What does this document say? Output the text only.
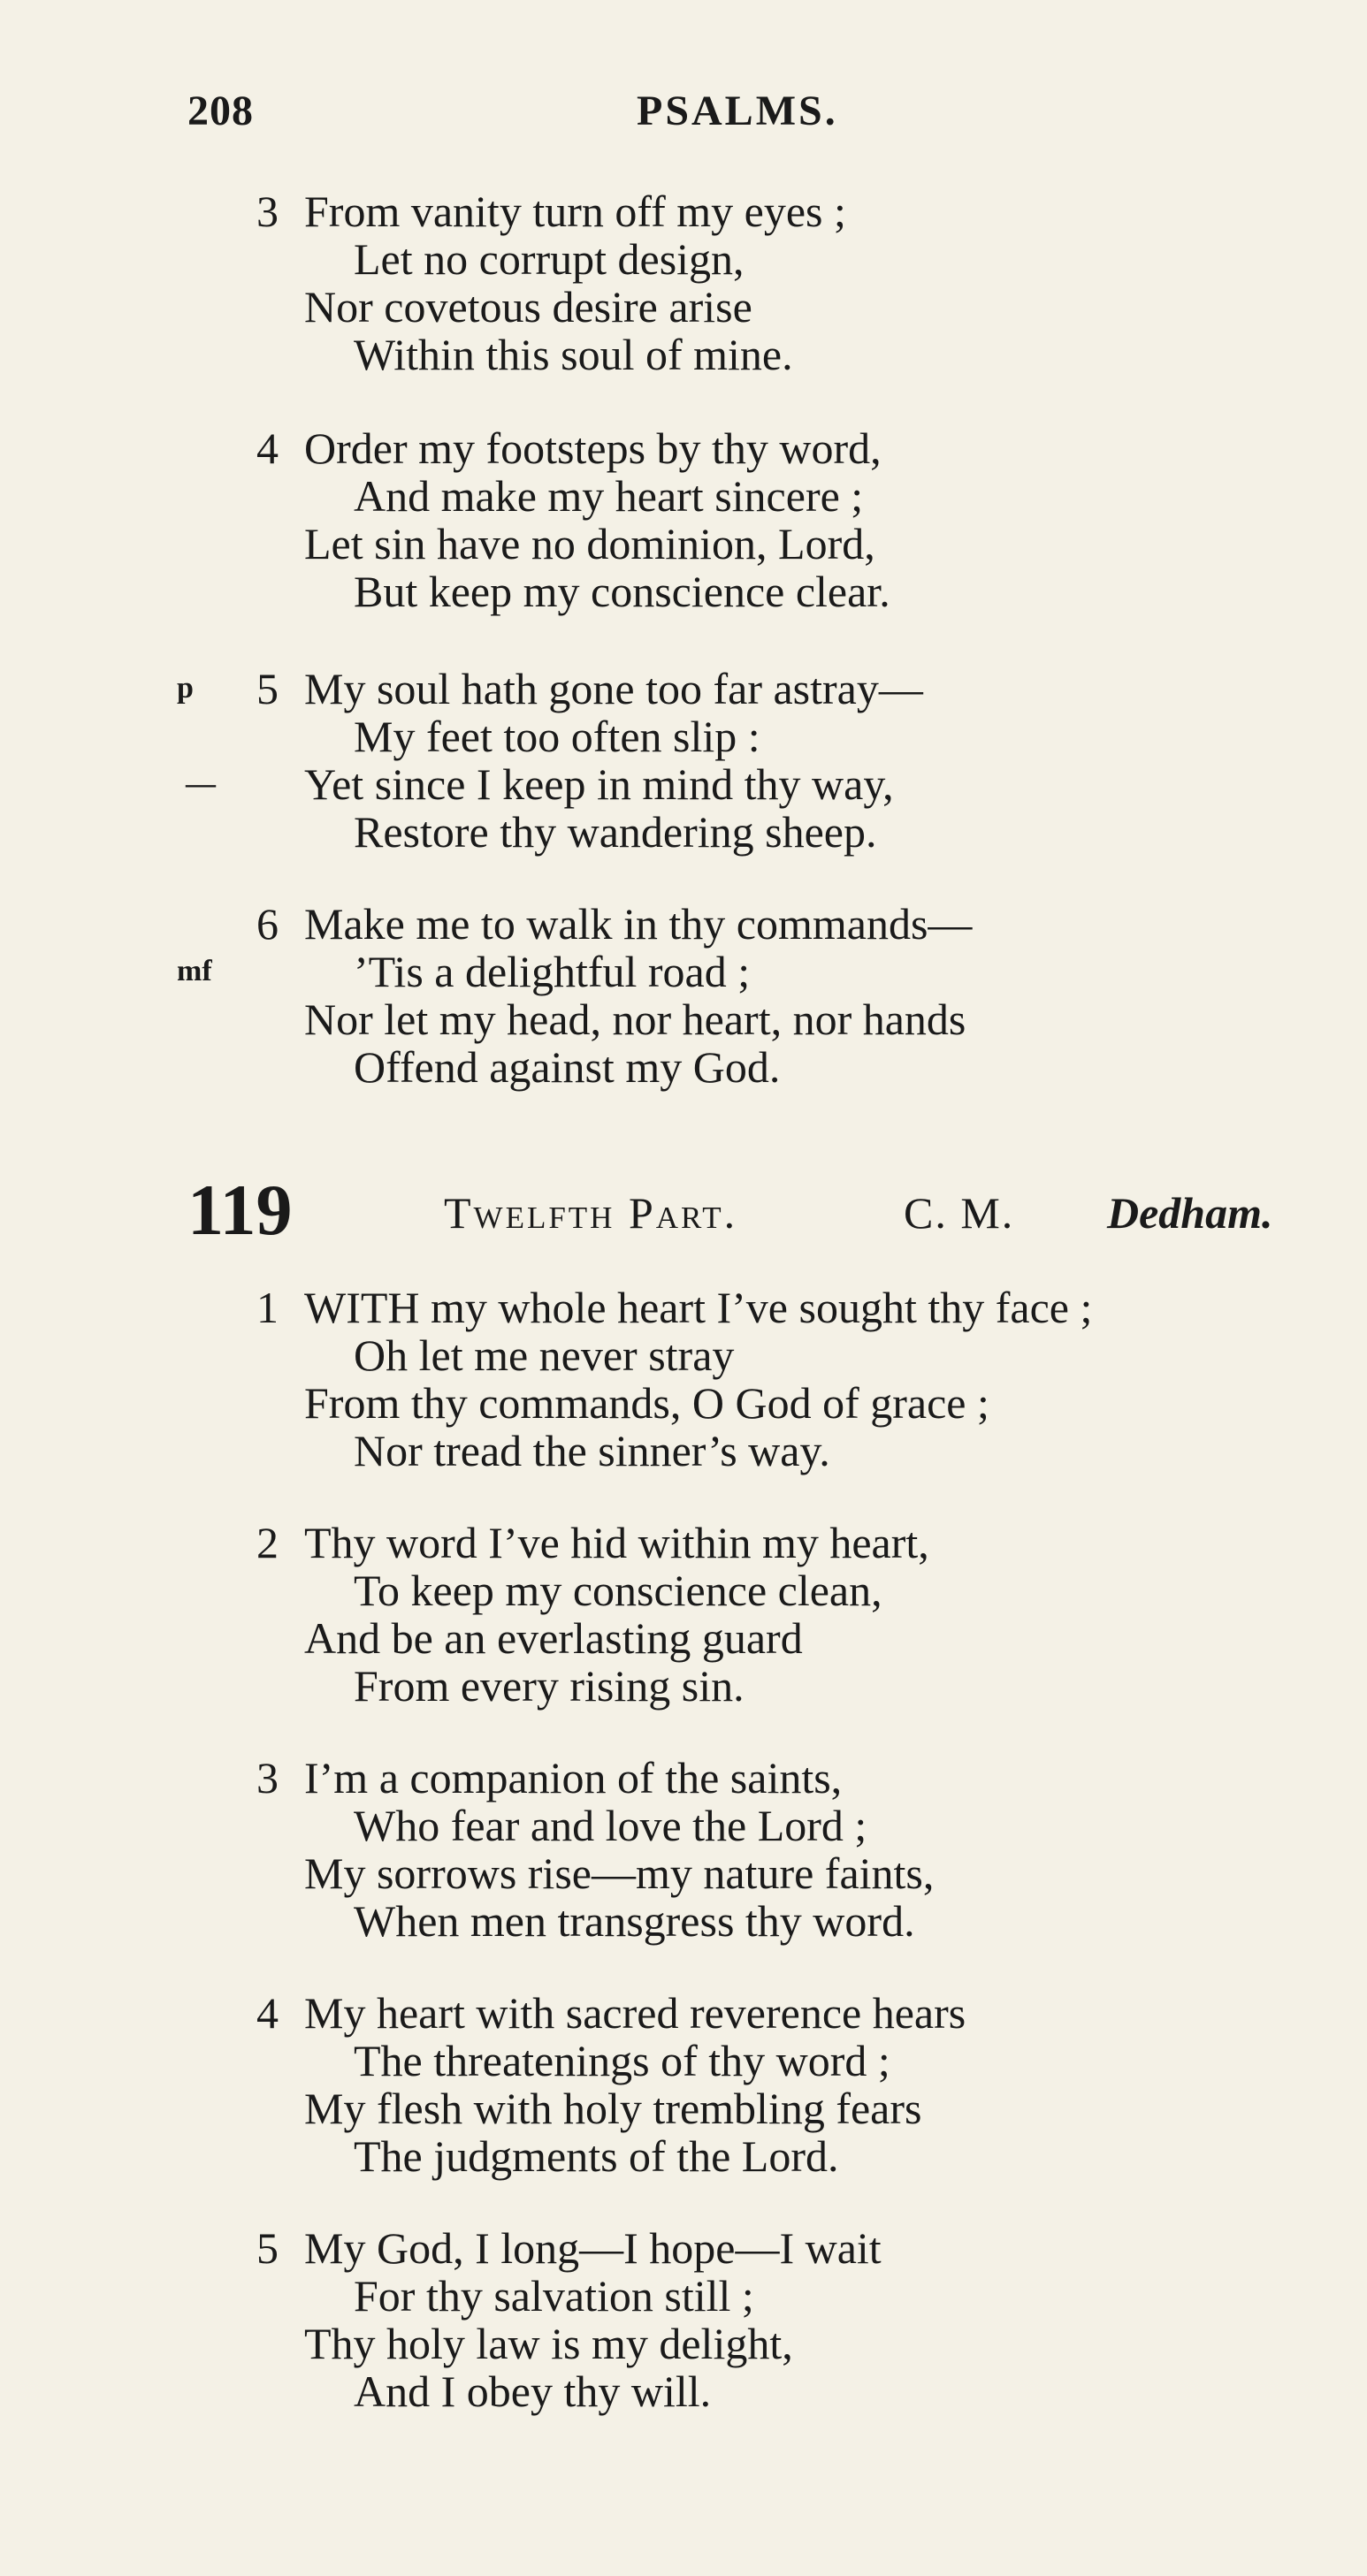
208	PSALMS.
3 From vanity turn off my eyes ;
Let no corrupt design,
Nor covetous desire arise
Within this soul of mine.
4 Order my footsteps by thy word,
And make my heart sincere ;
Let sin have no dominion, Lord,
But keep my conscience clear.
p 5 My soul hath gone too far astray—
My feet too often slip :
— Yet since I keep in mind thy way,
Restore thy wandering sheep.
6 Make me to walk in thy commands—
mf	’Tis a delightful road ;
Nor let my head, nor heart, nor hands
Offend against my God.
119	Twelfth Part.	C. M. Dedham.
1 WITH my whole heart I’ve sought thy face ;
Oh let me never stray
From thy commands, O God of grace ;
Nor tread the sinner’s way.
2 Thy word I’ve hid within my heart,
To keep my conscience clean,
And be an everlasting guard
From every rising sin.
3 I’m a companion of the saints,
Who fear and love the Lord ;
My sorrows rise—my nature faints,
When men transgress thy word.
4 My heart with sacred reverence hears
The threatenings of thy word ;
My flesh with holy trembling fears
The judgments of the Lord.
5 My God, I long—I hope—I wait
For thy salvation still ;
Thy holy law is my delight,
And I obey thy will.
